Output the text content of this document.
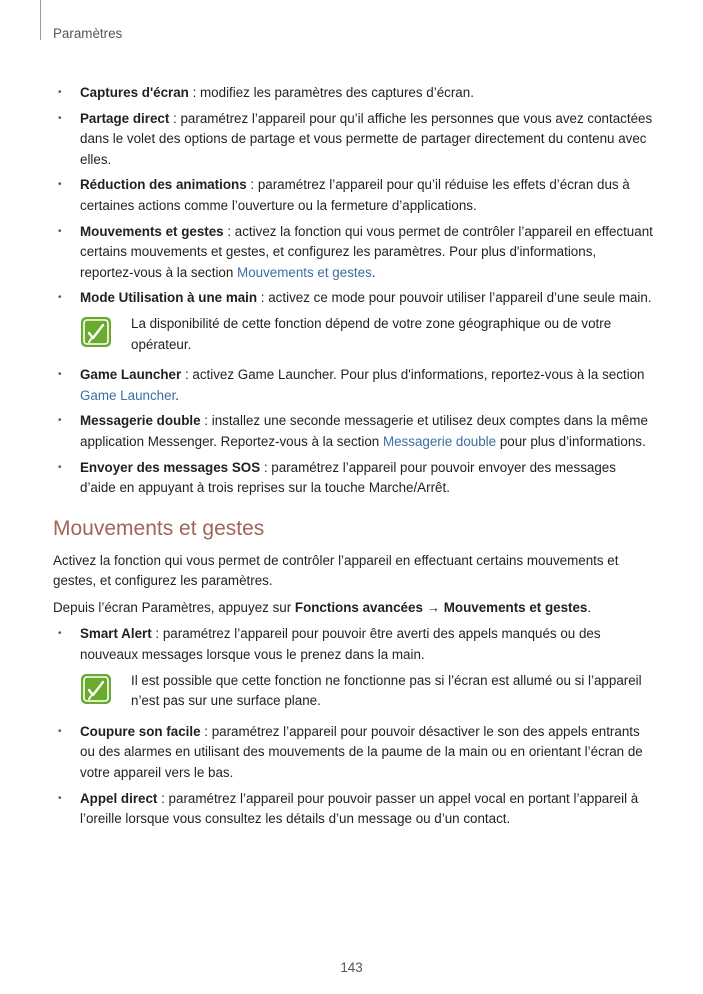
Paramètres
• Captures d'écran : modifiez les paramètres des captures d’écran.
• Partage direct : paramétrez l’appareil pour qu’il affiche les personnes que vous avez contactées dans le volet des options de partage et vous permette de partager directement du contenu avec elles.
• Réduction des animations : paramétrez l’appareil pour qu’il réduise les effets d’écran dus à certaines actions comme l’ouverture ou la fermeture d’applications.
• Mouvements et gestes : activez la fonction qui vous permet de contrôler l’appareil en effectuant certains mouvements et gestes, et configurez les paramètres. Pour plus d'informations, reportez-vous à la section Mouvements et gestes.
• Mode Utilisation à une main : activez ce mode pour pouvoir utiliser l’appareil d’une seule main.
La disponibilité de cette fonction dépend de votre zone géographique ou de votre opérateur.
• Game Launcher : activez Game Launcher. Pour plus d'informations, reportez-vous à la section Game Launcher.
• Messagerie double : installez une seconde messagerie et utilisez deux comptes dans la même application Messenger. Reportez-vous à la section Messagerie double pour plus d’informations.
• Envoyer des messages SOS : paramétrez l’appareil pour pouvoir envoyer des messages d’aide en appuyant à trois reprises sur la touche Marche/Arrêt.
Mouvements et gestes

Activez la fonction qui vous permet de contrôler l’appareil en effectuant certains mouvements et gestes, et configurez les paramètres.

Depuis l’écran Paramètres, appuyez sur Fonctions avancées → Mouvements et gestes.

• Smart Alert : paramétrez l’appareil pour pouvoir être averti des appels manqués ou des nouveaux messages lorsque vous le prenez dans la main.
Il est possible que cette fonction ne fonctionne pas si l’écran est allumé ou si l’appareil n’est pas sur une surface plane.
• Coupure son facile : paramétrez l’appareil pour pouvoir désactiver le son des appels entrants ou des alarmes en utilisant des mouvements de la paume de la main ou en orientant l’écran de votre appareil vers le bas.
• Appel direct : paramétrez l’appareil pour pouvoir passer un appel vocal en portant l’appareil à l’oreille lorsque vous consultez les détails d’un message ou d’un contact.
143
